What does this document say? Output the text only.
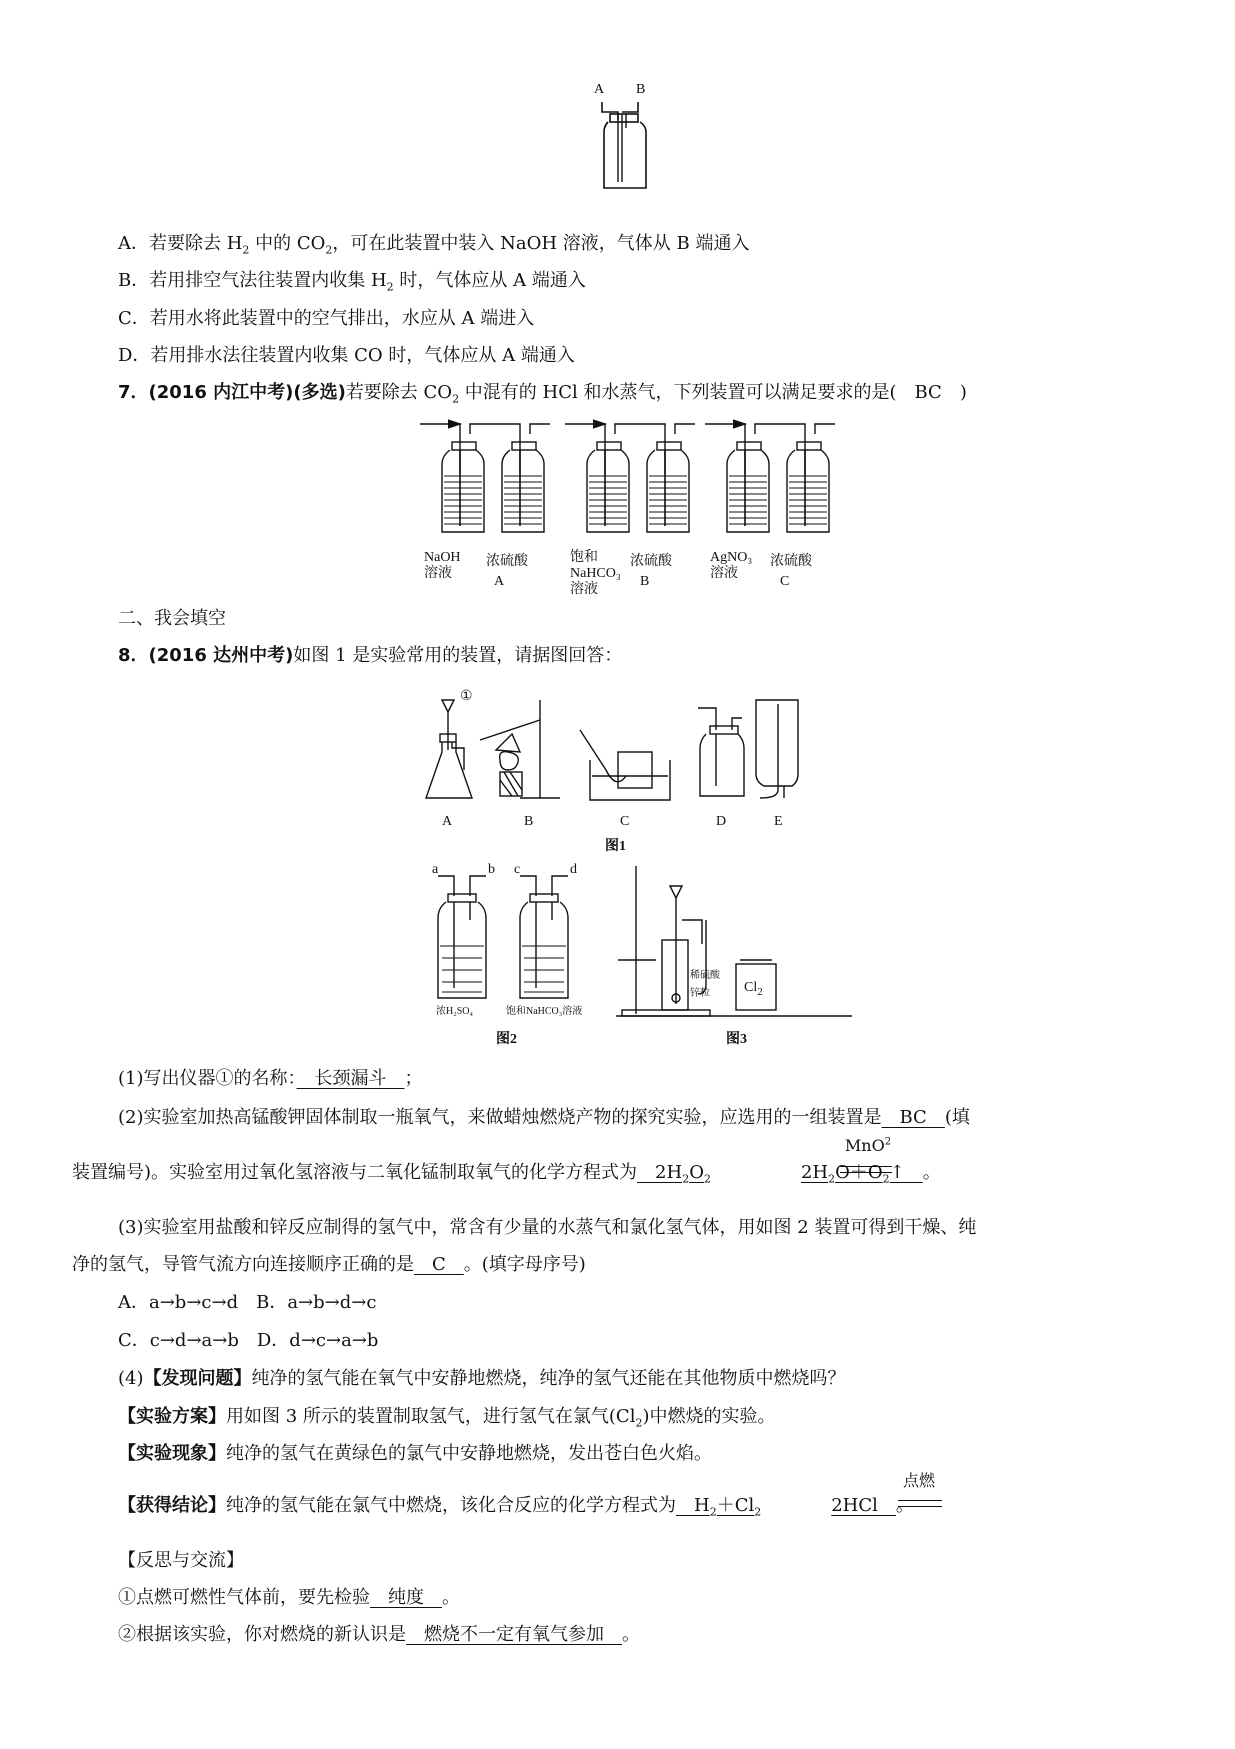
A B
A．若要除去 $H_2$ 中的 $CO_2$，可在此装置中装入 NaOH 溶液，气体从 B 端通入
B．若用排空气法往装置内收集 $H_2$ 时，气体应从 A 端通入
C．若用水将此装置中的空气排出，水应从 A 端进入
D．若用排水法往装置内收集 CO 时，气体应从 A 端通入
7．(2016 内江中考)(多选)若要除去 $CO_2$ 中混有的 HCl 和水蒸气，下列装置可以满足要求的是(　BC　)
NaOH
溶液
浓硫酸	饱和
NaHCO₃
溶液
浓硫酸	AgNO₃
溶液
浓硫酸
A	B	C
二、我会填空
8．(2016 达州中考)如图 1 是实验常用的装置，请据图回答：
①
A	B	C	D	E
图1
a	b c	d
浓H₂SO₄	饱和NaHCO₃溶液
图2
稀硫酸
锌粒 $Cl_2$
图3
(1)写出仪器①的名称：　长颈漏斗　；
(2)实验室加热高锰酸钾固体制取一瓶氧气，来做蜡烛燃烧产物的探究实验，应选用的一组装置是　BC　(填
装置编号)。实验室用过氧化氢溶液与二氧化锰制取氧气的化学方程式为　$2H_2O_2$	$2H_2O+O_2↑$　。
MnO$^2$
(3)实验室用盐酸和锌反应制得的氢气中，常含有少量的水蒸气和氯化氢气体，用如图 2 装置可得到干燥、纯
净的氢气，导管气流方向连接顺序正确的是　C　。(填字母序号)
A．a→b→c→d　B．a→b→d→c
C．c→d→a→b　D．d→c→a→b
(4)【发现问题】纯净的氢气能在氧气中安静地燃烧，纯净的氢气还能在其他物质中燃烧吗？
【实验方案】用如图 3 所示的装置制取氢气，进行氢气在氯气$(Cl_2)$中燃烧的实验。
【实验现象】纯净的氢气在黄绿色的氯气中安静地燃烧，发出苍白色火焰。
【获得结论】纯净的氢气能在氯气中燃烧，该化合反应的化学方程式为　$H_2+Cl_2$	2HCl　。
点燃
【反思与交流】
①点燃可燃性气体前，要先检验　纯度　。
②根据该实验，你对燃烧的新认识是　燃烧不一定有氧气参加　。
